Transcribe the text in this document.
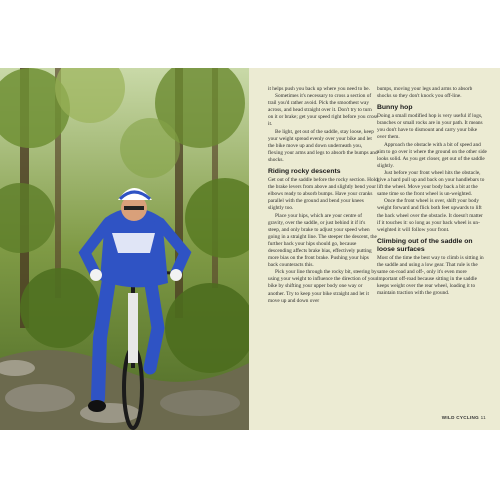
it helps push you back up where you need to be.

Sometimes it's necessary to cross a section of trail you'd rather avoid. Pick the smoothest way across, and head straight over it. Don't try to turn on it or brake; get your speed right before you cross it.

Be light, get out of the saddle, stay loose, keep your weight spread evenly over your bike and let the bike move up and down underneath you, flexing your arms and legs to absorb the bumps and shocks.

Riding rocky descents

Get out of the saddle before the rocky section. Hold the brake levers from above and slightly bend your elbows ready to absorb bumps. Have your cranks parallel with the ground and bend your knees slightly too.

Place your hips, which are your centre of gravity, over the saddle, or just behind it if it's steep, and only brake to adjust your speed when going in a straight line. The steeper the descent, the further back your hips should go, because descending affects brake bias, effectively putting more bias on the front brake. Pushing your hips back counteracts this.

Pick your line through the rocky bit, steering by using your weight to influence the direction of your bike by shifting your upper body one way or another. Try to keep your bike straight and let it move up and down over

bumps, moving your legs and arms to absorb shocks so they don't knock you off-line.

Bunny hop

Doing a small modified hop is very useful if logs, branches or small rocks are in your path. It means you don't have to dismount and carry your bike over them.

Approach the obstacle with a bit of speed and aim to go over it where the ground on the other side looks solid. As you get closer, get out of the saddle slightly.

Just before your front wheel hits the obstacle, give a hard pull up and back on your handlebars to lift the wheel. Move your body back a bit at the same time so the front wheel is un-weighted.

Once the front wheel is over, shift your body weight forward and flick both feet upwards to lift the back wheel over the obstacle. It doesn't matter if it touches it: so long as your back wheel is un-weighted it will follow your front.

Climbing out of the saddle on loose surfaces

Most of the time the best way to climb is sitting in the saddle and using a low gear. That rule is the same on-road and off-, only it's even more important off-road because sitting in the saddle keeps weight over the rear wheel, loading it to maintain traction with the ground.

WILD CYCLING 11
